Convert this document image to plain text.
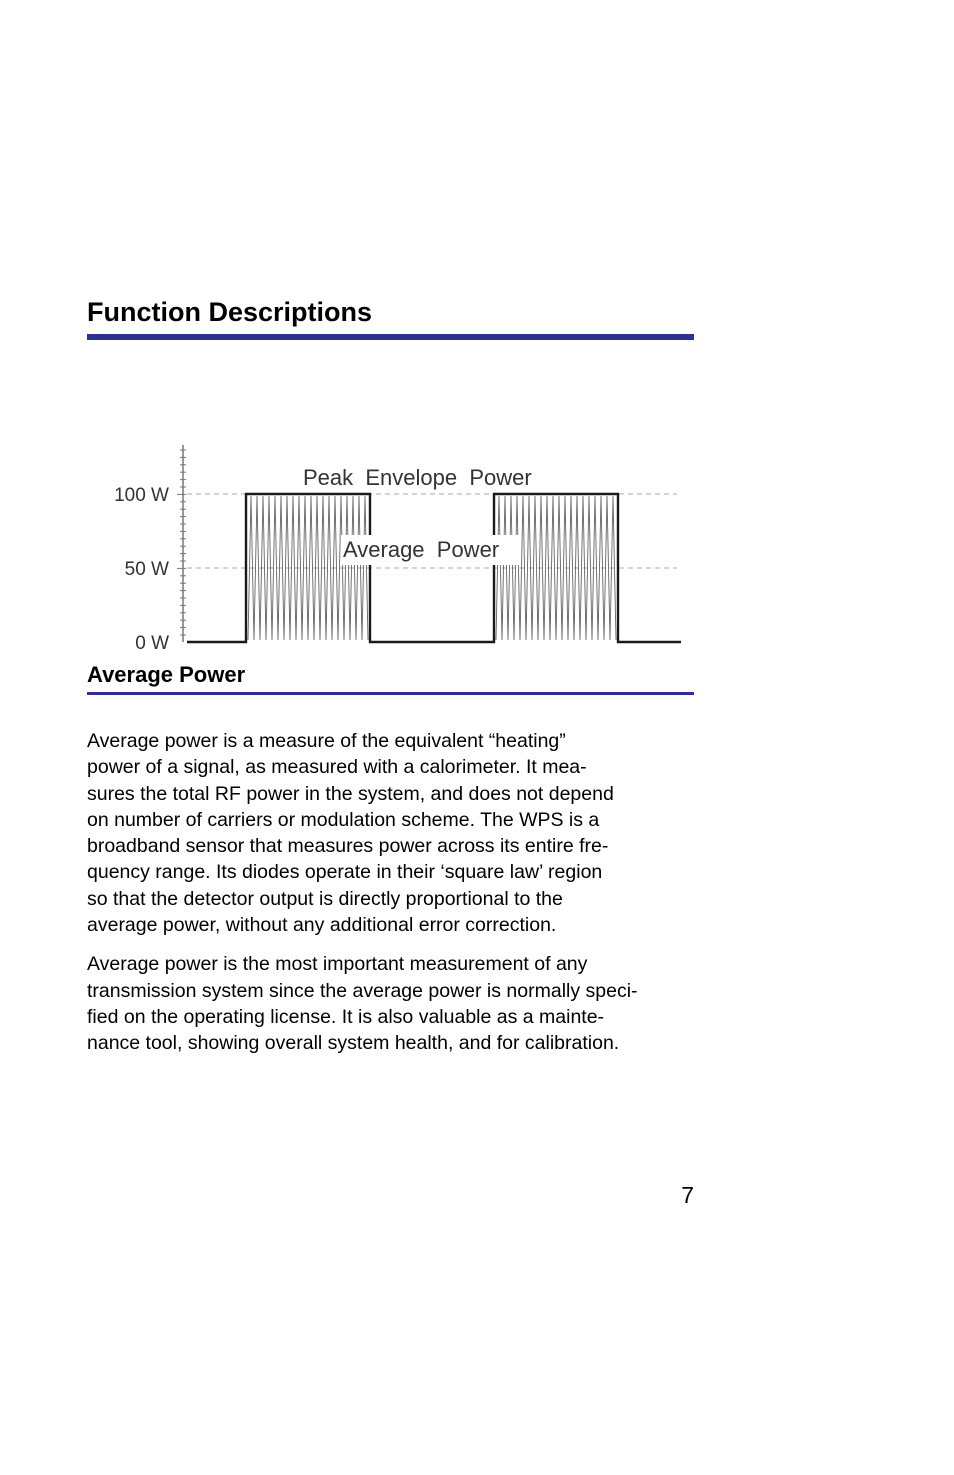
Function Descriptions
100 W
50 W
0 W
Peak  Envelope  Power
Average  Power
Average Power

Average power is a measure of the equivalent “heating”
power of a signal, as measured with a calorimeter. It mea-
sures the total RF power in the system, and does not depend
on number of carriers or modulation scheme. The WPS is a
broadband sensor that measures power across its entire fre-
quency range. Its diodes operate in their ‘square law’ region
so that the detector output is directly proportional to the
average power, without any additional error correction.

Average power is the most important measurement of any
transmission system since the average power is normally speci-
fied on the operating license. It is also valuable as a mainte-
nance tool, showing overall system health, and for calibration.

7
